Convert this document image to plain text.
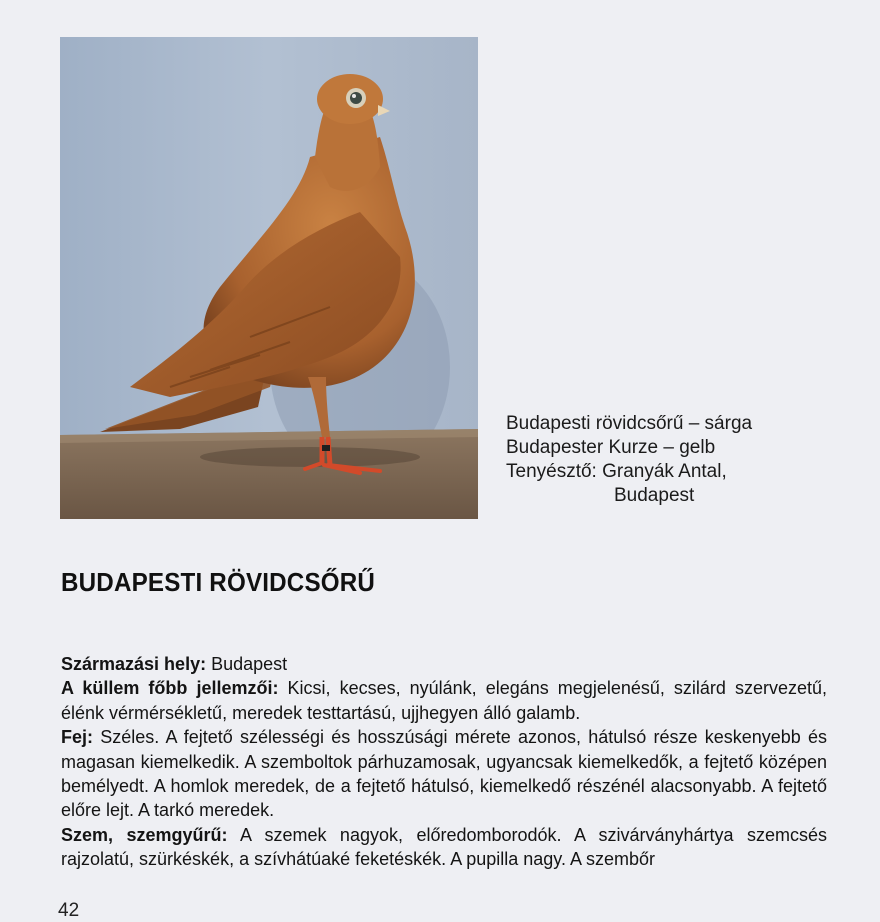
Budapesti rövidcsőrű – sárga
Budapester Kurze – gelb
Tenyésztő: Granyák Antal,
Budapest
BUDAPESTI RÖVIDCSŐRŰ

Származási hely: Budapest

A küllem főbb jellemzői: Kicsi, kecses, nyúlánk, elegáns megjelenésű, szilárd szervezetű, élénk vérmérsékletű, meredek testtartású, ujjhegyen álló galamb.

Fej: Széles. A fejtető szélességi és hosszúsági mérete azonos, hátulsó része keskenyebb és magasan kiemelkedik. A szemboltok párhuzamosak, ugyancsak kiemelkedők, a fejtető középen bemélyedt. A homlok meredek, de a fejtető hátulsó, kiemelkedő részénél alacsonyabb. A fejtető előre lejt. A tarkó meredek.

Szem, szemgyűrű: A szemek nagyok, előredomborodók. A szivárványhártya szemcsés rajzolatú, szürkéskék, a szívhátúaké feketéskék. A pupilla nagy. A szembőr

42
